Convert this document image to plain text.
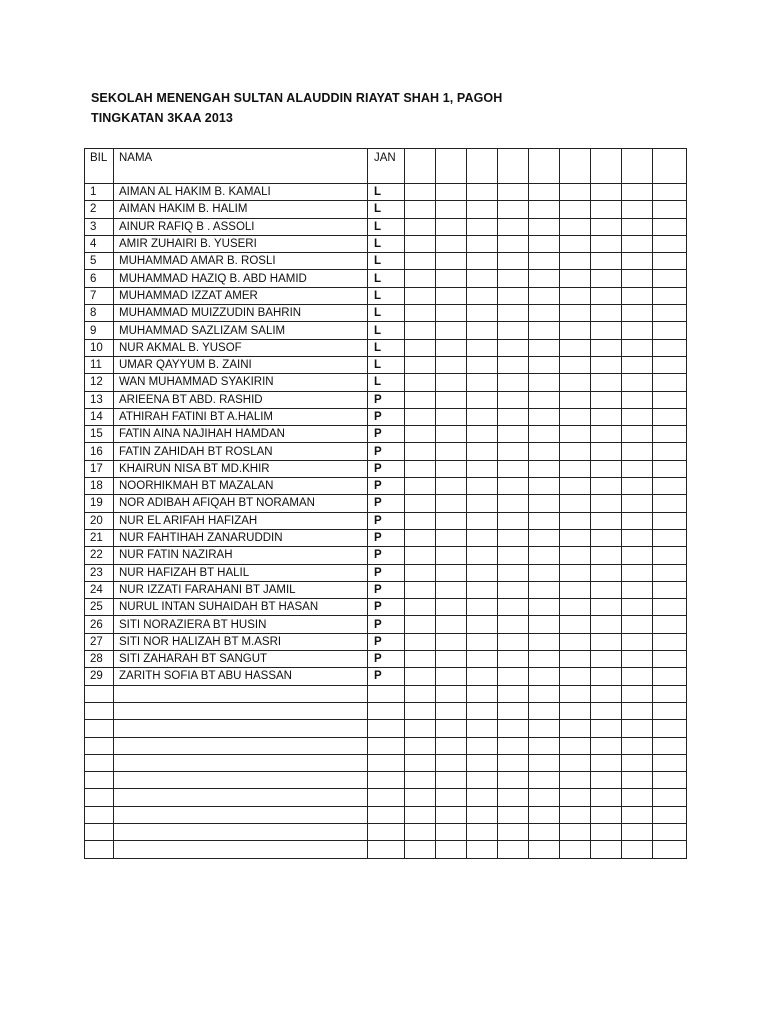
SEKOLAH MENENGAH SULTAN ALAUDDIN RIAYAT SHAH 1, PAGOH
TINGKATAN 3KAA 2013
BIL	NAMA	JAN									
1	AIMAN AL HAKIM B. KAMALI	L									
2	AIMAN HAKIM B. HALIM	L									
3	AINUR RAFIQ B . ASSOLI	L									
4	AMIR ZUHAIRI B. YUSERI	L									
5	MUHAMMAD AMAR B. ROSLI	L									
6	MUHAMMAD HAZIQ B. ABD HAMID	L									
7	MUHAMMAD IZZAT AMER	L									
8	MUHAMMAD MUIZZUDIN BAHRIN	L									
9	MUHAMMAD SAZLIZAM SALIM	L									
10	NUR AKMAL B. YUSOF	L									
11	UMAR QAYYUM B. ZAINI	L									
12	WAN MUHAMMAD SYAKIRIN	L									
13	ARIEENA BT ABD. RASHID	P									
14	ATHIRAH FATINI BT A.HALIM	P									
15	FATIN AINA NAJIHAH HAMDAN	P									
16	FATIN ZAHIDAH BT ROSLAN	P									
17	KHAIRUN NISA BT MD.KHIR	P									
18	NOORHIKMAH BT MAZALAN	P									
19	NOR ADIBAH AFIQAH BT NORAMAN	P									
20	NUR EL ARIFAH HAFIZAH	P									
21	NUR FAHTIHAH ZANARUDDIN	P									
22	NUR FATIN NAZIRAH	P									
23	NUR HAFIZAH BT HALIL	P									
24	NUR IZZATI FARAHANI BT JAMIL	P									
25	NURUL INTAN SUHAIDAH BT HASAN	P									
26	SITI NORAZIERA BT HUSIN	P									
27	SITI NOR HALIZAH BT M.ASRI	P									
28	SITI ZAHARAH BT SANGUT	P									
29	ZARITH SOFIA BT ABU HASSAN	P									
